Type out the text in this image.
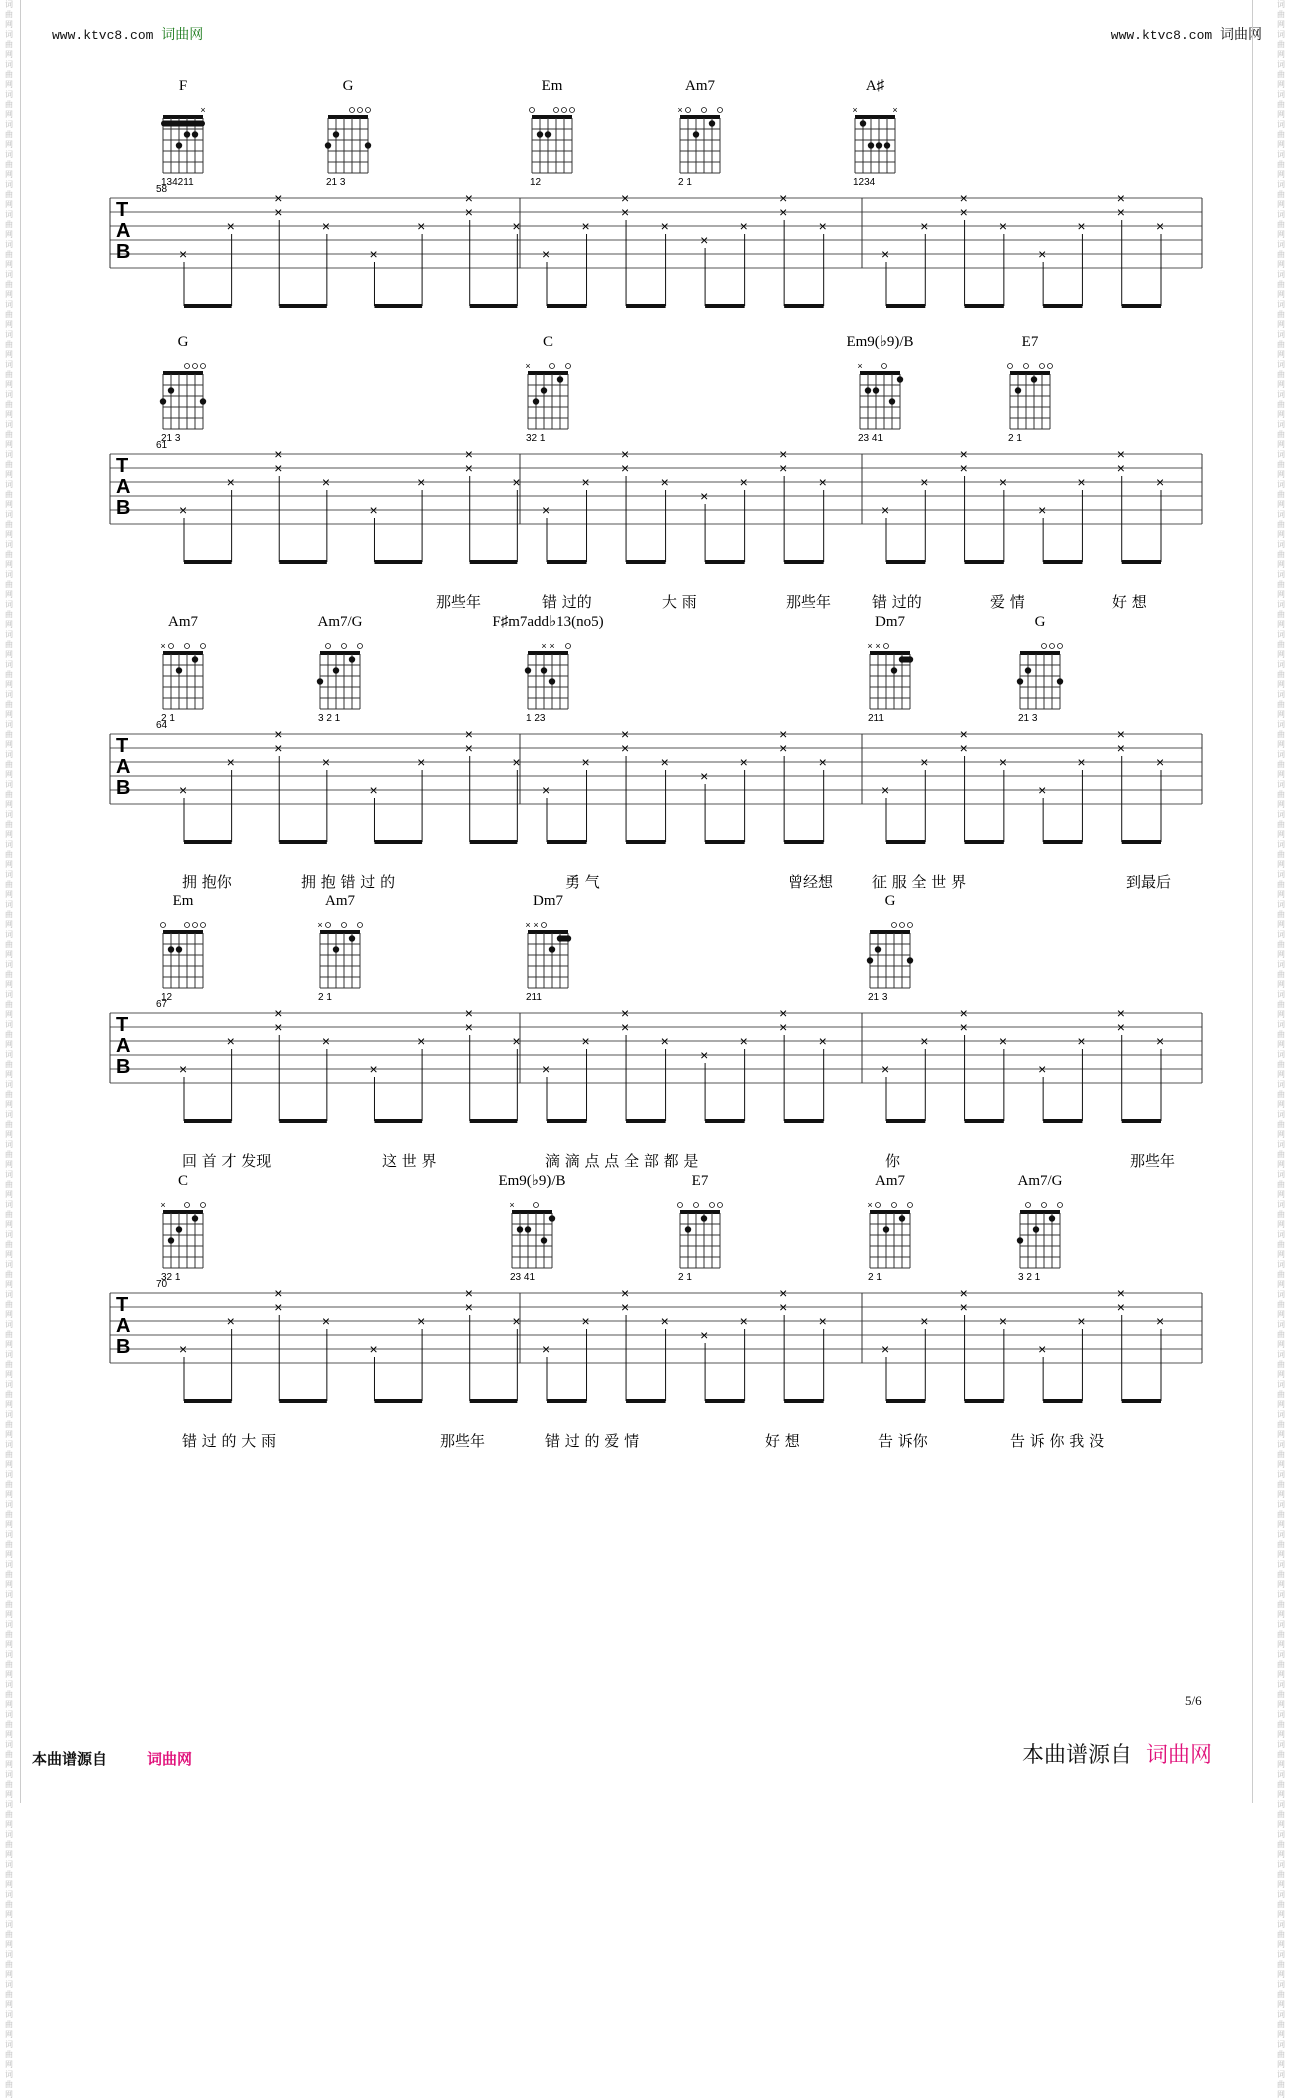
www.ktvc8.com 词曲网	www.ktvc8.com 词曲网
词曲网词曲网词曲网词曲网词曲网词曲网词曲网词曲网词曲网词曲网词曲网词曲网词曲网词曲网词曲网词曲网词曲网词曲网词曲网词曲网词曲网词曲网词曲网词曲网词曲网词曲网词曲网词曲网词曲网词曲网词曲网词曲网词曲网词曲网词曲网词曲网词曲网词曲网词曲网词曲网词曲网词曲网词曲网词曲网词曲网词曲网词曲网词曲网词曲网词曲网词曲网词曲网词曲网词曲网词曲网词曲网词曲网词曲网词曲网词曲网词曲网词曲网词曲网词曲网词曲网词曲网词曲网词曲网词曲网词曲网
词曲网词曲网词曲网词曲网词曲网词曲网词曲网词曲网词曲网词曲网词曲网词曲网词曲网词曲网词曲网词曲网词曲网词曲网词曲网词曲网词曲网词曲网词曲网词曲网词曲网词曲网词曲网词曲网词曲网词曲网词曲网词曲网词曲网词曲网词曲网词曲网词曲网词曲网词曲网词曲网词曲网词曲网词曲网词曲网词曲网词曲网词曲网词曲网词曲网词曲网词曲网词曲网词曲网词曲网词曲网词曲网词曲网词曲网词曲网词曲网词曲网词曲网词曲网词曲网词曲网词曲网词曲网词曲网词曲网词曲网
F
×
134211
G
21 3
Em
12
Am7
×
2 1
A♯
×	×
1234
58
T
A
B	×
×
×
×
×
×
×
×
×
×
×
×
×
×
×
×
×
×
×
×
×
×
×
×
×
×
×
×
×
×
G
21 3
C
×
32 1
Em9(♭9)/B
×
23 41
E7
2 1
61
T
A
B	×
×
×
×
×
×
×
×
×
×
×
×
×
×
×
×
×
×
×
×
×
×
×
×
×
×
×
×
×
×
那些年	错 过的	大 雨	那些年	错 过的	爱 情	好 想
Am7
×
2 1
Am7/G
3 2 1
F♯m7add♭13(no5)
× ×
1 23
Dm7
× ×
211
G
21 3
64
T
A
B	×
×
×
×
×
×
×
×
×
×
×
×
×
×
×
×
×
×
×
×
×
×
×
×
×
×
×
×
×
×
拥 抱你	拥 抱 错 过 的	勇 气	曾经想	征 服 全 世 界	到最后
Em
12
Am7
×
2 1
Dm7
× ×
211
G
21 3
67
T
A
B	×
×
×
×
×
×
×
×
×
×
×
×
×
×
×
×
×
×
×
×
×
×
×
×
×
×
×
×
×
×
回 首 才 发现	这 世 界	滴 滴 点 点 全 部 都 是	你	那些年
C
×
32 1
Em9(♭9)/B
×
23 41
E7
2 1
Am7
×
2 1
Am7/G
3 2 1
70
T
A
B	×
×
×
×
×
×
×
×
×
×
×
×
×
×
×
×
×
×
×
×
×
×
×
×
×
×
×
×
×
×
错 过 的 大 雨	那些年	错 过 的 爱 情	好 想	告 诉你	告 诉 你 我 没
5/6
本曲谱源自	词曲网	本曲谱源自 词曲网
